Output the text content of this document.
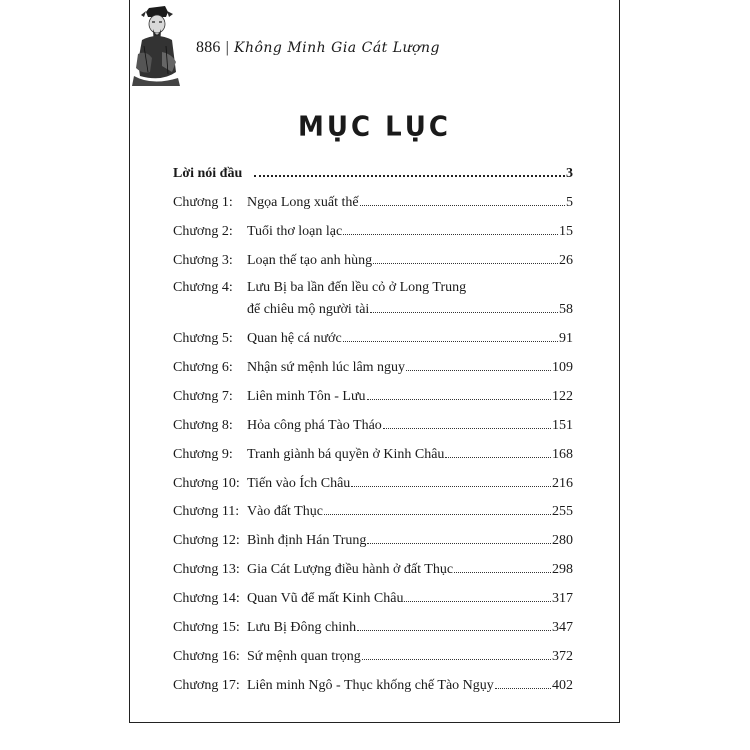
886 | Không Minh Gia Cát Lượng
MỤC LỤC
Lời nói đầu	3
Chương 1:	Ngọa Long xuất thế	5
Chương 2:	Tuổi thơ loạn lạc	15
Chương 3:	Loạn thế tạo anh hùng	26
Chương 4:	Lưu Bị ba lần đến lều cỏ ở Long Trung
để chiêu mộ người tài	58
Chương 5:	Quan hệ cá nước	91
Chương 6:	Nhận sứ mệnh lúc lâm nguy	109
Chương 7:	Liên minh Tôn - Lưu	122
Chương 8:	Hỏa công phá Tào Tháo	151
Chương 9:	Tranh giành bá quyền ở Kinh Châu	168
Chương 10: Tiến vào Ích Châu	216
Chương 11: Vào đất Thục	255
Chương 12: Bình định Hán Trung	280
Chương 13: Gia Cát Lượng điều hành ở đất Thục	298
Chương 14: Quan Vũ để mất Kinh Châu	317
Chương 15: Lưu Bị Đông chinh	347
Chương 16: Sứ mệnh quan trọng	372
Chương 17: Liên minh Ngô - Thục khống chế Tào Ngụy	402
